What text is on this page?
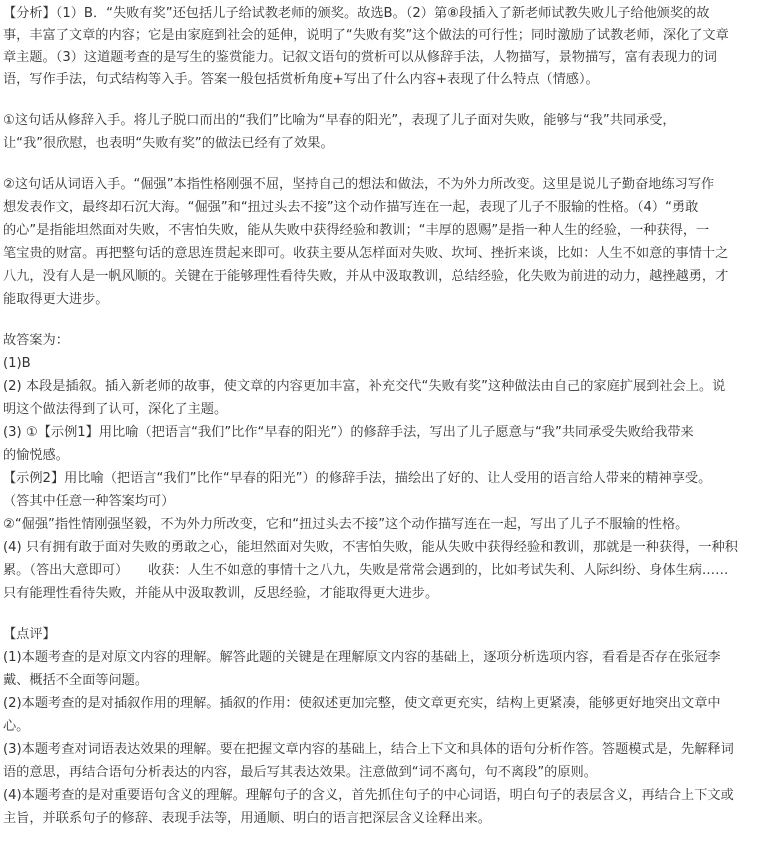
【分析】（1）B．“失败有奖”还包括儿子给试教老师的颁奖。故选B。（2）第⑧段插入了新老师试教失败儿子给他颁奖的故
事，丰富了文章的内容；它是由家庭到社会的延伸，说明了“失败有奖”这个做法的可行性；同时激励了试教老师，深化了文章
章主题。（3）这道题考查的是写生的鉴赏能力。记叙文语句的赏析可以从修辞手法，人物描写，景物描写，富有表现力的词
语，写作手法，句式结构等入手。答案一般包括赏析角度+写出了什么内容+表现了什么特点（情感）。
①这句话从修辞入手。将儿子脱口而出的“我们”比喻为“早春的阳光”，表现了儿子面对失败，能够与“我”共同承受，
让“我”很欣慰，也表明“失败有奖”的做法已经有了效果。
②这句话从词语入手。“倔强”本指性格刚强不屈，坚持自己的想法和做法，不为外力所改变。这里是说儿子勤奋地练习写作
想发表作文，最终却石沉大海。“倔强”和“扭过头去不接”这个动作描写连在一起，表现了儿子不服输的性格。（4）“勇敢
的心”是指能坦然面对失败，不害怕失败，能从失败中获得经验和教训；“丰厚的恩赐”是指一种人生的经验，一种获得，一
笔宝贵的财富。再把整句话的意思连贯起来即可。收获主要从怎样面对失败、坎坷、挫折来谈，比如：人生不如意的事情十之
八九，没有人是一帆风顺的。关键在于能够理性看待失败，并从中汲取教训，总结经验，化失败为前进的动力，越挫越勇，才
能取得更大进步。
故答案为：
(1)B
(2) 本段是插叙。插入新老师的故事，使文章的内容更加丰富，补充交代“失败有奖”这种做法由自己的家庭扩展到社会上。说
明这个做法得到了认可，深化了主题。
(3) ①【示例1】用比喻（把语言“我们”比作“早春的阳光”）的修辞手法，写出了儿子愿意与“我”共同承受失败给我带来
的愉悦感。
【示例2】用比喻（把语言“我们”比作“早春的阳光”）的修辞手法，描绘出了好的、让人受用的语言给人带来的精神享受。
（答其中任意一种答案均可）
②“倔强”指性情刚强坚毅，不为外力所改变，它和“扭过头去不接”这个动作描写连在一起，写出了儿子不服输的性格。
(4) 只有拥有敢于面对失败的勇敢之心，能坦然面对失败，不害怕失败，能从失败中获得经验和教训，那就是一种获得，一种积
累。（答出大意即可）　　收获：人生不如意的事情十之八九，失败是常常会遇到的，比如考试失利、人际纠纷、身体生病……
只有能理性看待失败，并能从中汲取教训，反思经验，才能取得更大进步。
【点评】
(1)本题考查的是对原文内容的理解。解答此题的关键是在理解原文内容的基础上，逐项分析选项内容，看看是否存在张冠李
戴、概括不全面等问题。
(2)本题考查的是对插叙作用的理解。插叙的作用：使叙述更加完整，使文章更充实，结构上更紧凑，能够更好地突出文章中
心。
(3)本题考查对词语表达效果的理解。要在把握文章内容的基础上，结合上下文和具体的语句分析作答。答题模式是，先解释词
语的意思，再结合语句分析表达的内容，最后写其表达效果。注意做到“词不离句，句不离段”的原则。
(4)本题考查的是对重要语句含义的理解。理解句子的含义，首先抓住句子的中心词语，明白句子的表层含义，再结合上下文或
主旨，并联系句子的修辞、表现手法等，用通顺、明白的语言把深层含义诠释出来。
